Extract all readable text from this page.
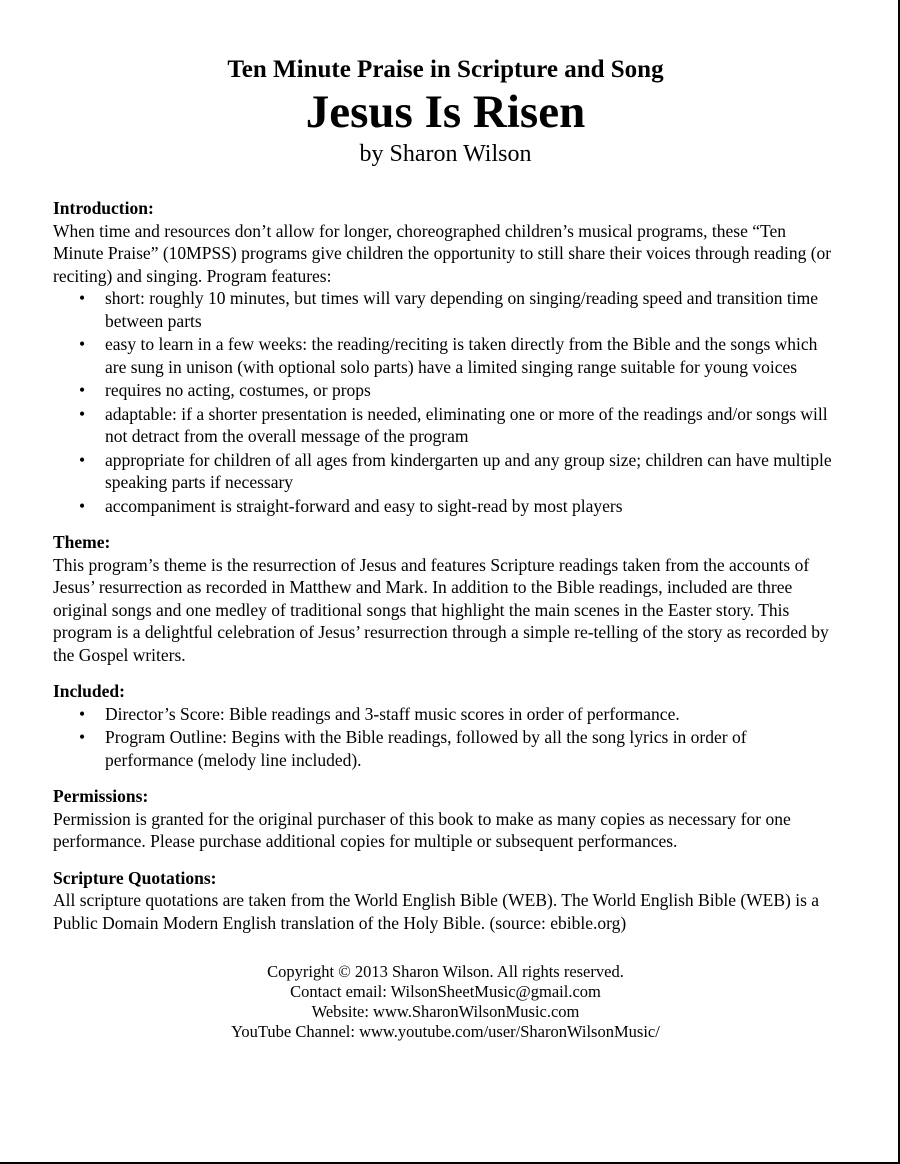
Ten Minute Praise in Scripture and Song
Jesus Is Risen
by Sharon Wilson
Introduction:

When time and resources don’t allow for longer, choreographed children’s musical programs, these “Ten Minute Praise” (10MPSS) programs give children the opportunity to still share their voices through reading (or reciting) and singing. Program features:

• short: roughly 10 minutes, but times will vary depending on singing/reading speed and transition time between parts
• easy to learn in a few weeks: the reading/reciting is taken directly from the Bible and the songs which are sung in unison (with optional solo parts) have a limited singing range suitable for young voices
• requires no acting, costumes, or props
• adaptable: if a shorter presentation is needed, eliminating one or more of the readings and/or songs will not detract from the overall message of the program
• appropriate for children of all ages from kindergarten up and any group size; children can have multiple speaking parts if necessary
• accompaniment is straight-forward and easy to sight-read by most players
Theme:

This program’s theme is the resurrection of Jesus and features Scripture readings taken from the accounts of Jesus’ resurrection as recorded in Matthew and Mark. In addition to the Bible readings, included are three original songs and one medley of traditional songs that highlight the main scenes in the Easter story. This program is a delightful celebration of Jesus’ resurrection through a simple re-telling of the story as recorded by the Gospel writers.

Included:
• Director’s Score: Bible readings and 3-staff music scores in order of performance.
• Program Outline: Begins with the Bible readings, followed by all the song lyrics in order of performance (melody line included).
Permissions:

Permission is granted for the original purchaser of this book to make as many copies as necessary for one performance. Please purchase additional copies for multiple or subsequent performances.

Scripture Quotations:

All scripture quotations are taken from the World English Bible (WEB). The World English Bible (WEB) is a Public Domain Modern English translation of the Holy Bible. (source: ebible.org)

Copyright © 2013 Sharon Wilson. All rights reserved.
Contact email: WilsonSheetMusic@gmail.com
Website: www.SharonWilsonMusic.com
YouTube Channel: www.youtube.com/user/SharonWilsonMusic/
